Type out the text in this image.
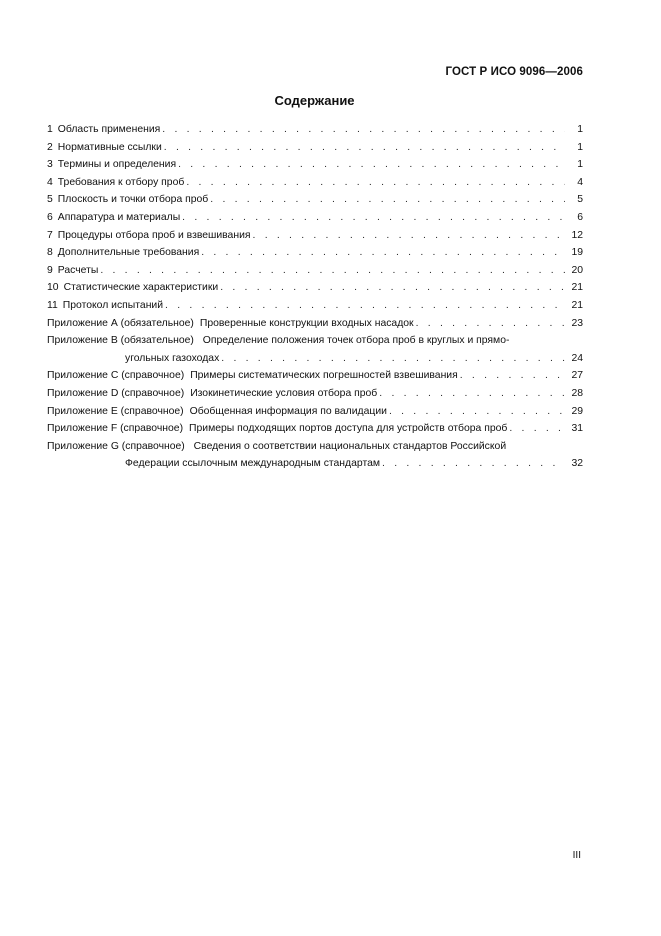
ГОСТ Р ИСО 9096—2006
Содержание
1 Область применения . . .	1
2 Нормативные ссылки . . .	1
3 Термины и определения . . .	1
4 Требования к отбору проб . . .	4
5 Плоскость и точки отбора проб . . .	5
6 Аппаратура и материалы . . .	6
7 Процедуры отбора проб и взвешивания . . .	12
8 Дополнительные требования . . .	19
9 Расчеты . . .	20
10 Статистические характеристики . . .	21
11 Протокол испытаний . . .	21
Приложение А (обязательное) Проверенные конструкции входных насадок . . .	23
Приложение В (обязательное) Определение положения точек отбора проб в круглых и прямо-
угольных газоходах . . .	24
Приложение С (справочное) Примеры систематических погрешностей взвешивания . . .	27
Приложение D (справочное) Изокинетические условия отбора проб . . .	28
Приложение Е (справочное) Обобщенная информация по валидации . . .	29
Приложение F (справочное) Примеры подходящих портов доступа для устройств отбора проб . . .	31
Приложение G (справочное) Сведения о соответствии национальных стандартов Российской
Федерации ссылочным международным стандартам . . .	32
III
